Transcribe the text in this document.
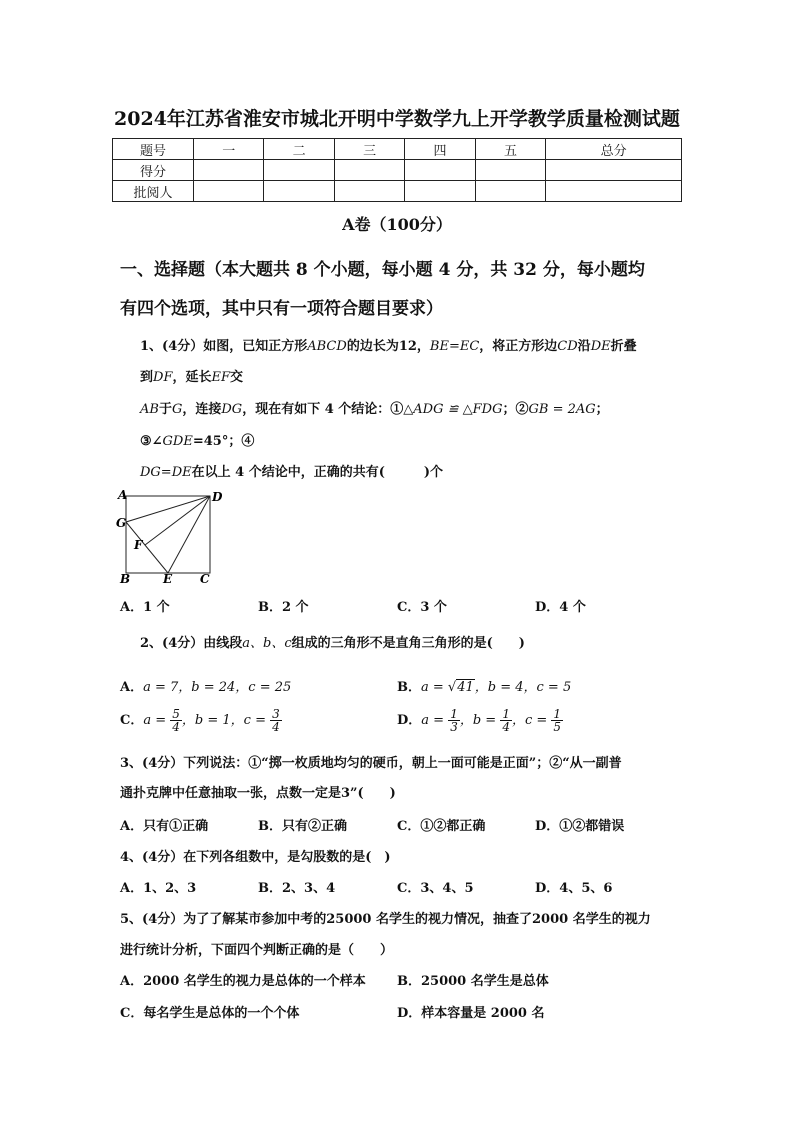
2024年江苏省淮安市城北开明中学数学九上开学教学质量检测试题
题号	一	二	三	四	五	总分
得分						
批阅人						
A卷（100分）
一、选择题（本大题共 8 个小题，每小题 4 分，共 32 分，每小题均
有四个选项，其中只有一项符合题目要求）
1、(4分）如图，已知正方形ABCD的边长为12，BE=EC，将正方形边CD沿DE折叠
到DF，延长EF交
AB于G，连接DG，现在有如下 4 个结论：①△ADG ≌ △FDG；②GB = 2AG；
③∠GDE=45°；④
DG=DE在以上 4 个结论中，正确的共有(　　　)个
A	D
G
F
B	E C
A．1 个	B．2 个	C．3 个	D．4 个
2、(4分）由线段a、b、c组成的三角形不是直角三角形的是(　　)
A．a = 7，b = 24，c = 25	B．a = √41，b = 4，c = 5
C．$a = \frac{5}{4}$ ，b = 1，$c = \frac{3}{4}$	D．$a = \frac{1}{3}$ ，$b = \frac{1}{4}$ ，$c = \frac{1}{5}$
3、(4分）下列说法：①“掷一枚质地均匀的硬币，朝上一面可能是正面”；②“从一副普
通扑克牌中任意抽取一张，点数一定是3”(　　)
A．只有①正确	B．只有②正确	C．①②都正确	D．①②都错误
4、(4分）在下列各组数中，是勾股数的是(　)
A．1、2、3	B．2、3、4	C．3、4、5	D．4、5、6
5、(4分）为了了解某市参加中考的25000 名学生的视力情况，抽查了2000 名学生的视力
进行统计分析，下面四个判断正确的是（　　）
A．2000 名学生的视力是总体的一个样本 B．25000 名学生是总体
C．每名学生是总体的一个个体	D．样本容量是 2000 名
